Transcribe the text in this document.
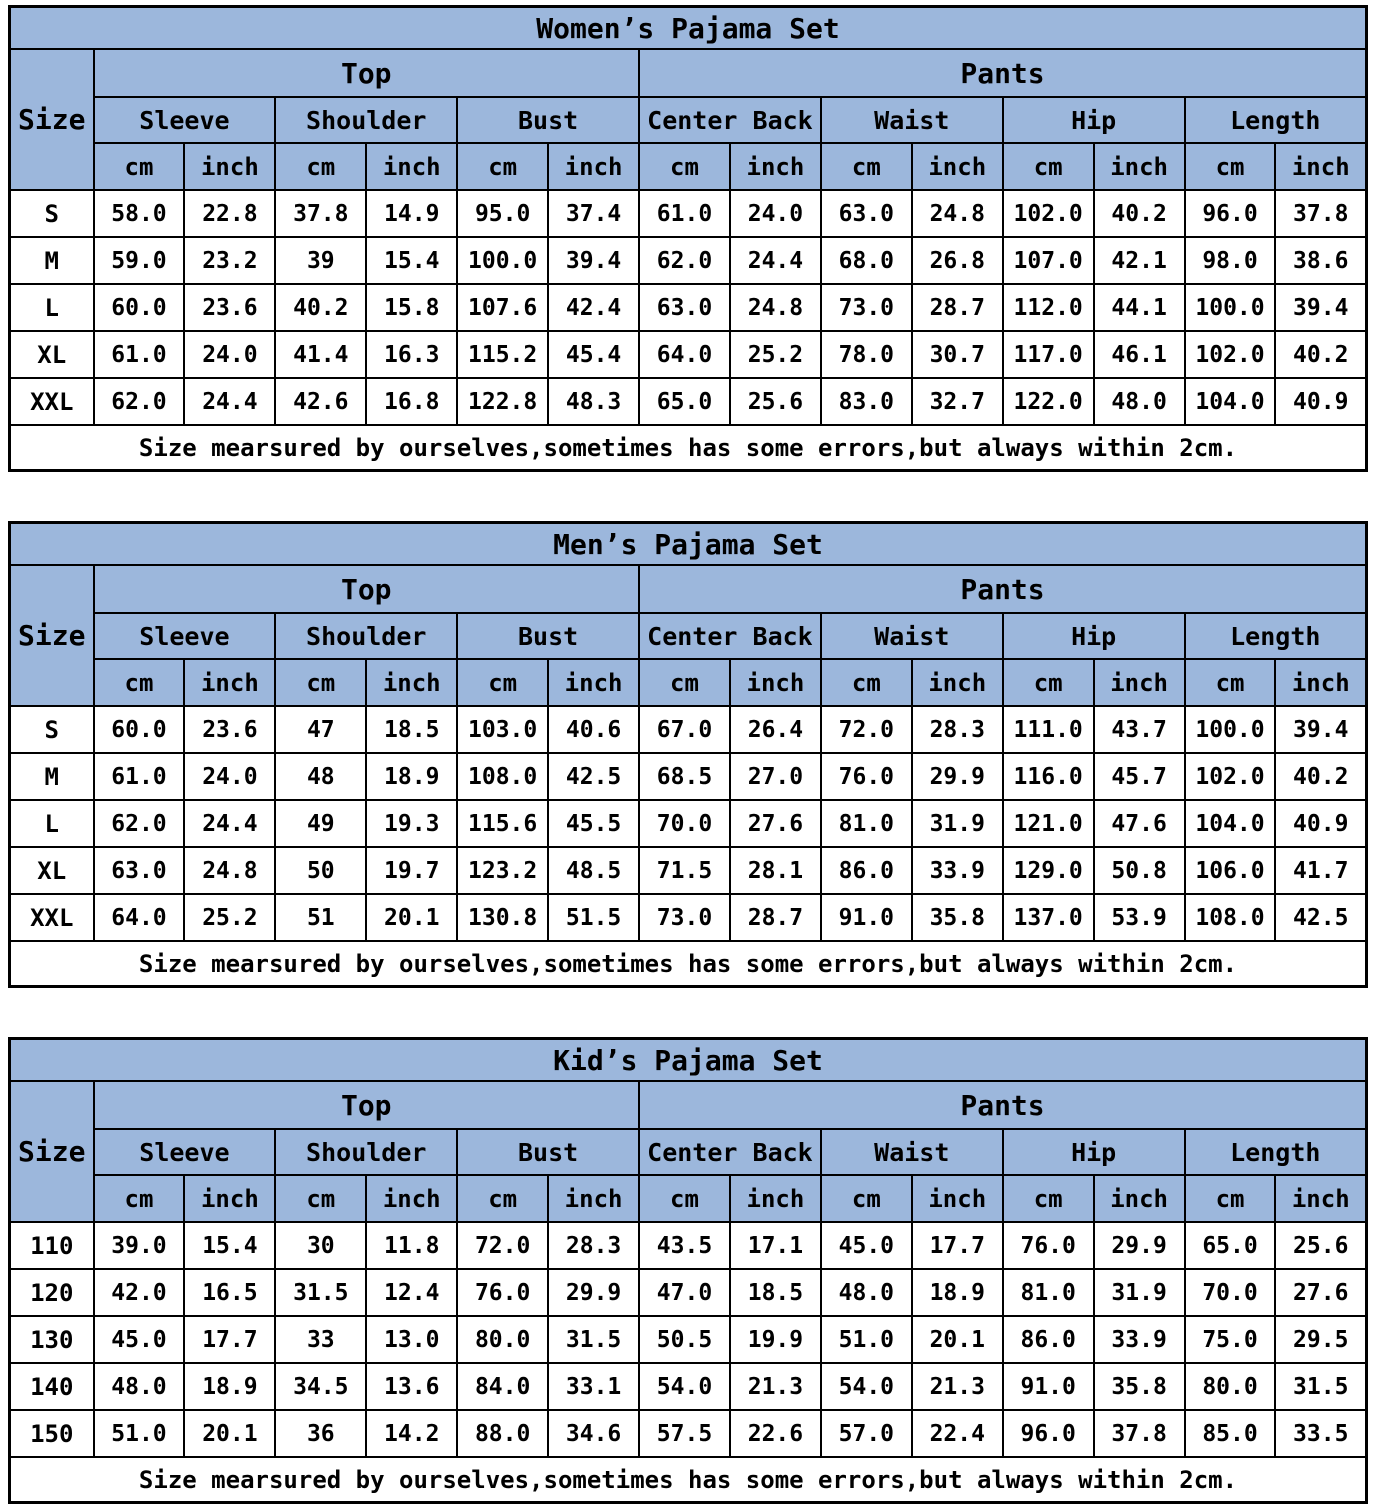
Women’s Pajama Set														
Size	Top						Pants							
	Sleeve		Shoulder		Bust		Center Back		Waist		Hip		Length	
	cm	inch	cm	inch	cm	inch	cm	inch	cm	inch	cm	inch	cm	inch
S	58.0	22.8	37.8	14.9	95.0	37.4	61.0	24.0	63.0	24.8	102.0	40.2	96.0	37.8
M	59.0	23.2	39	15.4	100.0	39.4	62.0	24.4	68.0	26.8	107.0	42.1	98.0	38.6
L	60.0	23.6	40.2	15.8	107.6	42.4	63.0	24.8	73.0	28.7	112.0	44.1	100.0	39.4
XL	61.0	24.0	41.4	16.3	115.2	45.4	64.0	25.2	78.0	30.7	117.0	46.1	102.0	40.2
XXL	62.0	24.4	42.6	16.8	122.8	48.3	65.0	25.6	83.0	32.7	122.0	48.0	104.0	40.9
Size mearsured by ourselves,sometimes has some errors,but always within 2cm.														
Men’s Pajama Set														
Size	Top						Pants							
	Sleeve		Shoulder		Bust		Center Back		Waist		Hip		Length	
	cm	inch	cm	inch	cm	inch	cm	inch	cm	inch	cm	inch	cm	inch
S	60.0	23.6	47	18.5	103.0	40.6	67.0	26.4	72.0	28.3	111.0	43.7	100.0	39.4
M	61.0	24.0	48	18.9	108.0	42.5	68.5	27.0	76.0	29.9	116.0	45.7	102.0	40.2
L	62.0	24.4	49	19.3	115.6	45.5	70.0	27.6	81.0	31.9	121.0	47.6	104.0	40.9
XL	63.0	24.8	50	19.7	123.2	48.5	71.5	28.1	86.0	33.9	129.0	50.8	106.0	41.7
XXL	64.0	25.2	51	20.1	130.8	51.5	73.0	28.7	91.0	35.8	137.0	53.9	108.0	42.5
Size mearsured by ourselves,sometimes has some errors,but always within 2cm.														
Kid’s Pajama Set														
Size	Top						Pants							
	Sleeve		Shoulder		Bust		Center Back		Waist		Hip		Length	
	cm	inch	cm	inch	cm	inch	cm	inch	cm	inch	cm	inch	cm	inch
110	39.0	15.4	30	11.8	72.0	28.3	43.5	17.1	45.0	17.7	76.0	29.9	65.0	25.6
120	42.0	16.5	31.5	12.4	76.0	29.9	47.0	18.5	48.0	18.9	81.0	31.9	70.0	27.6
130	45.0	17.7	33	13.0	80.0	31.5	50.5	19.9	51.0	20.1	86.0	33.9	75.0	29.5
140	48.0	18.9	34.5	13.6	84.0	33.1	54.0	21.3	54.0	21.3	91.0	35.8	80.0	31.5
150	51.0	20.1	36	14.2	88.0	34.6	57.5	22.6	57.0	22.4	96.0	37.8	85.0	33.5
Size mearsured by ourselves,sometimes has some errors,but always within 2cm.														
